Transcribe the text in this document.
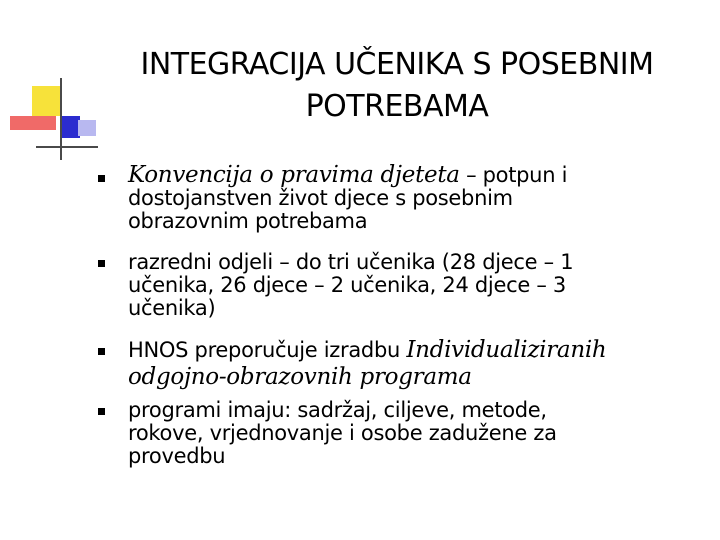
INTEGRACIJA UČENIKA S POSEBNIM
POTREBAMA
Konvencija o pravima djeteta – potpun i
dostojanstven život djece s posebnim
obrazovnim potrebama
razredni odjeli – do tri učenika (28 djece – 1
učenika, 26 djece – 2 učenika, 24 djece – 3
učenika)
HNOS preporučuje izradbu Individualiziranih
odgojno-obrazovnih programa
programi imaju: sadržaj, ciljeve, metode,
rokove, vrjednovanje i osobe zadužene za
provedbu
